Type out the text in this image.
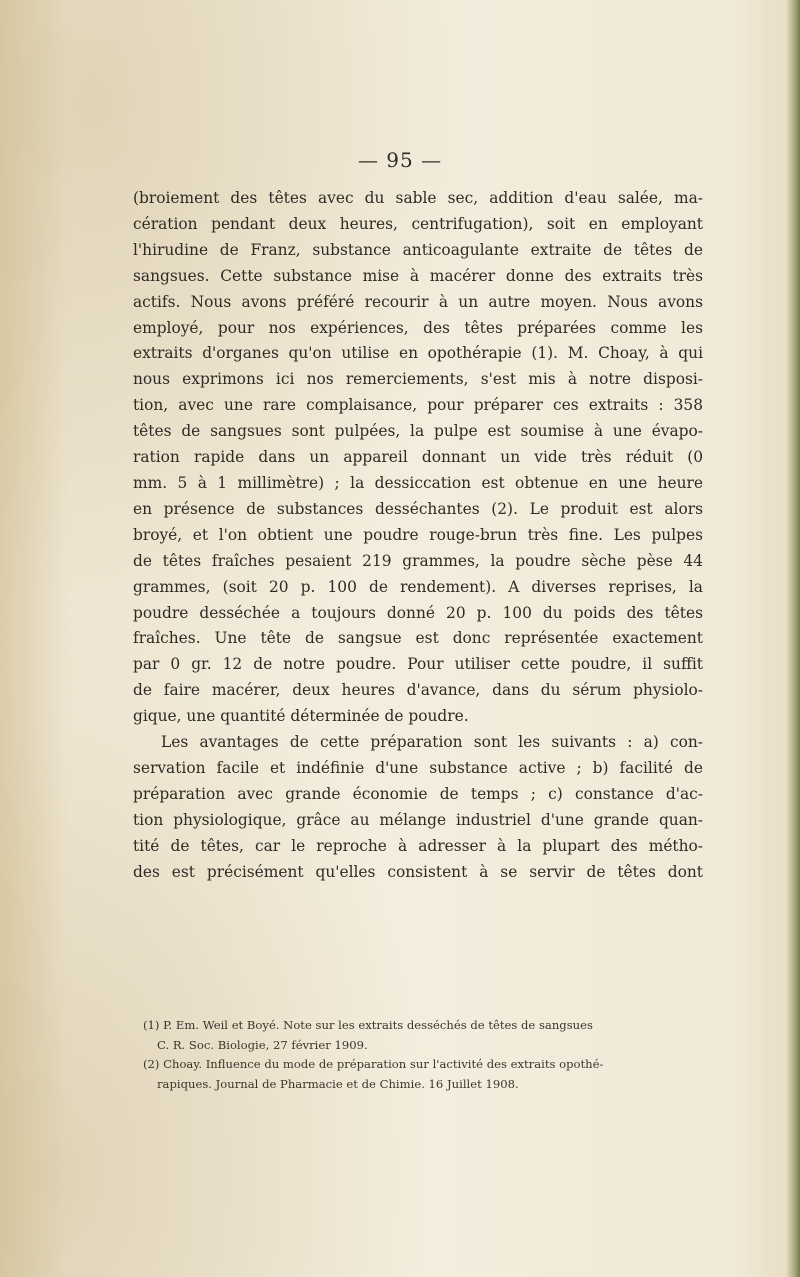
— 95 —
(broiement des têtes avec du sable sec, addition d'eau salée, ma-
cération pendant deux heures, centrifugation), soit en employant
l'hirudine de Franz, substance anticoagulante extraite de têtes de
sangsues. Cette substance mise à macérer donne des extraits très
actifs. Nous avons préféré recourir à un autre moyen. Nous avons
employé, pour nos expériences, des têtes préparées comme les
extraits d'organes qu'on utilise en opothérapie (1). M. Choay, à qui
nous exprimons ici nos remerciements, s'est mis à notre disposi-
tion, avec une rare complaisance, pour préparer ces extraits : 358
têtes de sangsues sont pulpées, la pulpe est soumise à une évapo-
ration rapide dans un appareil donnant un vide très réduit (0
mm. 5 à 1 millimètre) ; la dessiccation est obtenue en une heure
en présence de substances desséchantes (2). Le produit est alors
broyé, et l'on obtient une poudre rouge-brun très fine. Les pulpes
de têtes fraîches pesaient 219 grammes, la poudre sèche pèse 44
grammes, (soit 20 p. 100 de rendement). A diverses reprises, la
poudre desséchée a toujours donné 20 p. 100 du poids des têtes
fraîches. Une tête de sangsue est donc représentée exactement
par 0 gr. 12 de notre poudre. Pour utiliser cette poudre, il suffit
de faire macérer, deux heures d'avance, dans du sérum physiolo-
gique, une quantité déterminée de poudre.
Les avantages de cette préparation sont les suivants : a) con-
servation facile et indéfinie d'une substance active ; b) facilité de
préparation avec grande économie de temps ; c) constance d'ac-
tion physiologique, grâce au mélange industriel d'une grande quan-
tité de têtes, car le reproche à adresser à la plupart des métho-
des est précisément qu'elles consistent à se servir de têtes dont
(1) P. Em. Weil et Boyé. Note sur les extraits desséchés de têtes de sangsues
C. R. Soc. Biologie, 27 février 1909.
(2) Choay. Influence du mode de préparation sur l'activité des extraits opothé-
rapiques. Journal de Pharmacie et de Chimie. 16 Juillet 1908.
